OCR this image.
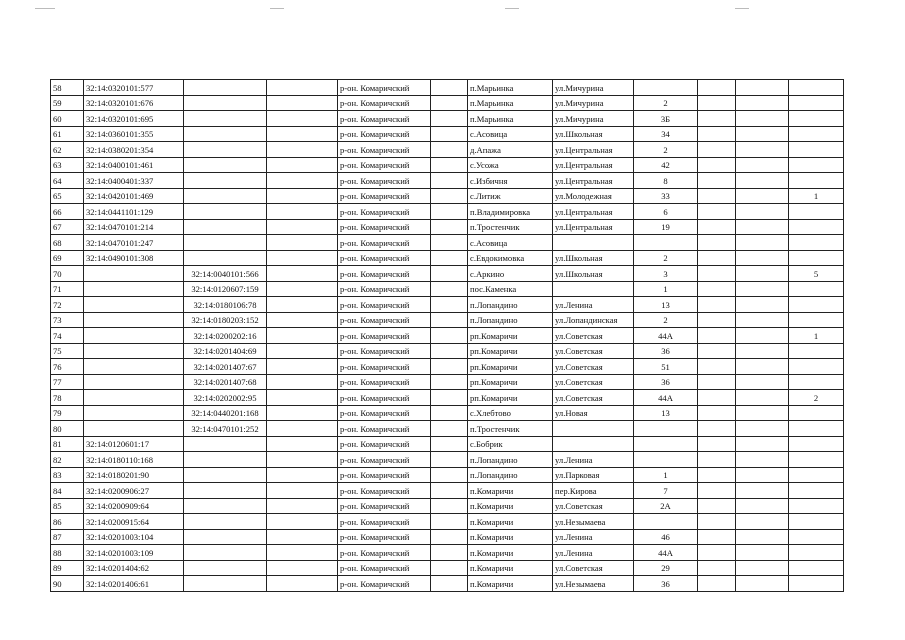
58	32:14:0320101:577			р-он. Комаричский		п.Марьинка	ул.Мичурина				
59	32:14:0320101:676			р-он. Комаричский		п.Марьинка	ул.Мичурина	2			
60	32:14:0320101:695			р-он. Комаричский		п.Марьинка	ул.Мичурина	3Б			
61	32:14:0360101:355			р-он. Комаричский		с.Асовица	ул.Школьная	34			
62	32:14:0380201:354			р-он. Комаричский		д.Апажа	ул.Центральная	2			
63	32:14:0400101:461			р-он. Комаричский		с.Усожа	ул.Центральная	42			
64	32:14:0400401:337			р-он. Комаричский		с.Избичня	ул.Центральная	8			
65	32:14:0420101:469			р-он. Комаричский		с.Литиж	ул.Молодежная	33			1
66	32:14:0441101:129			р-он. Комаричский		п.Владимировка	ул.Центральная	6			
67	32:14:0470101:214			р-он. Комаричский		п.Тростенчик	ул.Центральная	19			
68	32:14:0470101:247			р-он. Комаричский		с.Асовица					
69	32:14:0490101:308			р-он. Комаричский		с.Евдокимовка	ул.Школьная	2			
70		32:14:0040101:566		р-он. Комаричский		с.Аркино	ул.Школьная	3			5
71		32:14:0120607:159		р-он. Комаричский		пос.Каменка		1			
72		32:14:0180106:78		р-он. Комаричский		п.Лопандино	ул.Ленина	13			
73		32:14:0180203:152		р-он. Комаричский		п.Лопандино	ул.Лопандинская	2			
74		32:14:0200202:16		р-он. Комаричский		рп.Комаричи	ул.Советская	44А			1
75		32:14:0201404:69		р-он. Комаричский		рп.Комаричи	ул.Советская	36			
76		32:14:0201407:67		р-он. Комаричский		рп.Комаричи	ул.Советская	51			
77		32:14:0201407:68		р-он. Комаричский		рп.Комаричи	ул.Советская	36			
78		32:14:0202002:95		р-он. Комаричский		рп.Комаричи	ул.Советская	44А			2
79		32:14:0440201:168		р-он. Комаричский		с.Хлебтово	ул.Новая	13			
80		32:14:0470101:252		р-он. Комаричский		п.Тростенчик					
81	32:14:0120601:17			р-он. Комаричский		с.Бобрик					
82	32:14:0180110:168			р-он. Комаричский		п.Лопандино	ул.Ленина				
83	32:14:0180201:90			р-он. Комаричский		п.Лопандино	ул.Парковая	1			
84	32:14:0200906:27			р-он. Комаричский		п.Комаричи	пер.Кирова	7			
85	32:14:0200909:64			р-он. Комаричский		п.Комаричи	ул.Советская	2А			
86	32:14:0200915:64			р-он. Комаричский		п.Комаричи	ул.Незымаева				
87	32:14:0201003:104			р-он. Комаричский		п.Комаричи	ул.Ленина	46			
88	32:14:0201003:109			р-он. Комаричский		п.Комаричи	ул.Ленина	44А			
89	32:14:0201404:62			р-он. Комаричский		п.Комаричи	ул.Советская	29			
90	32:14:0201406:61			р-он. Комаричский		п.Комаричи	ул.Незымаева	36			
